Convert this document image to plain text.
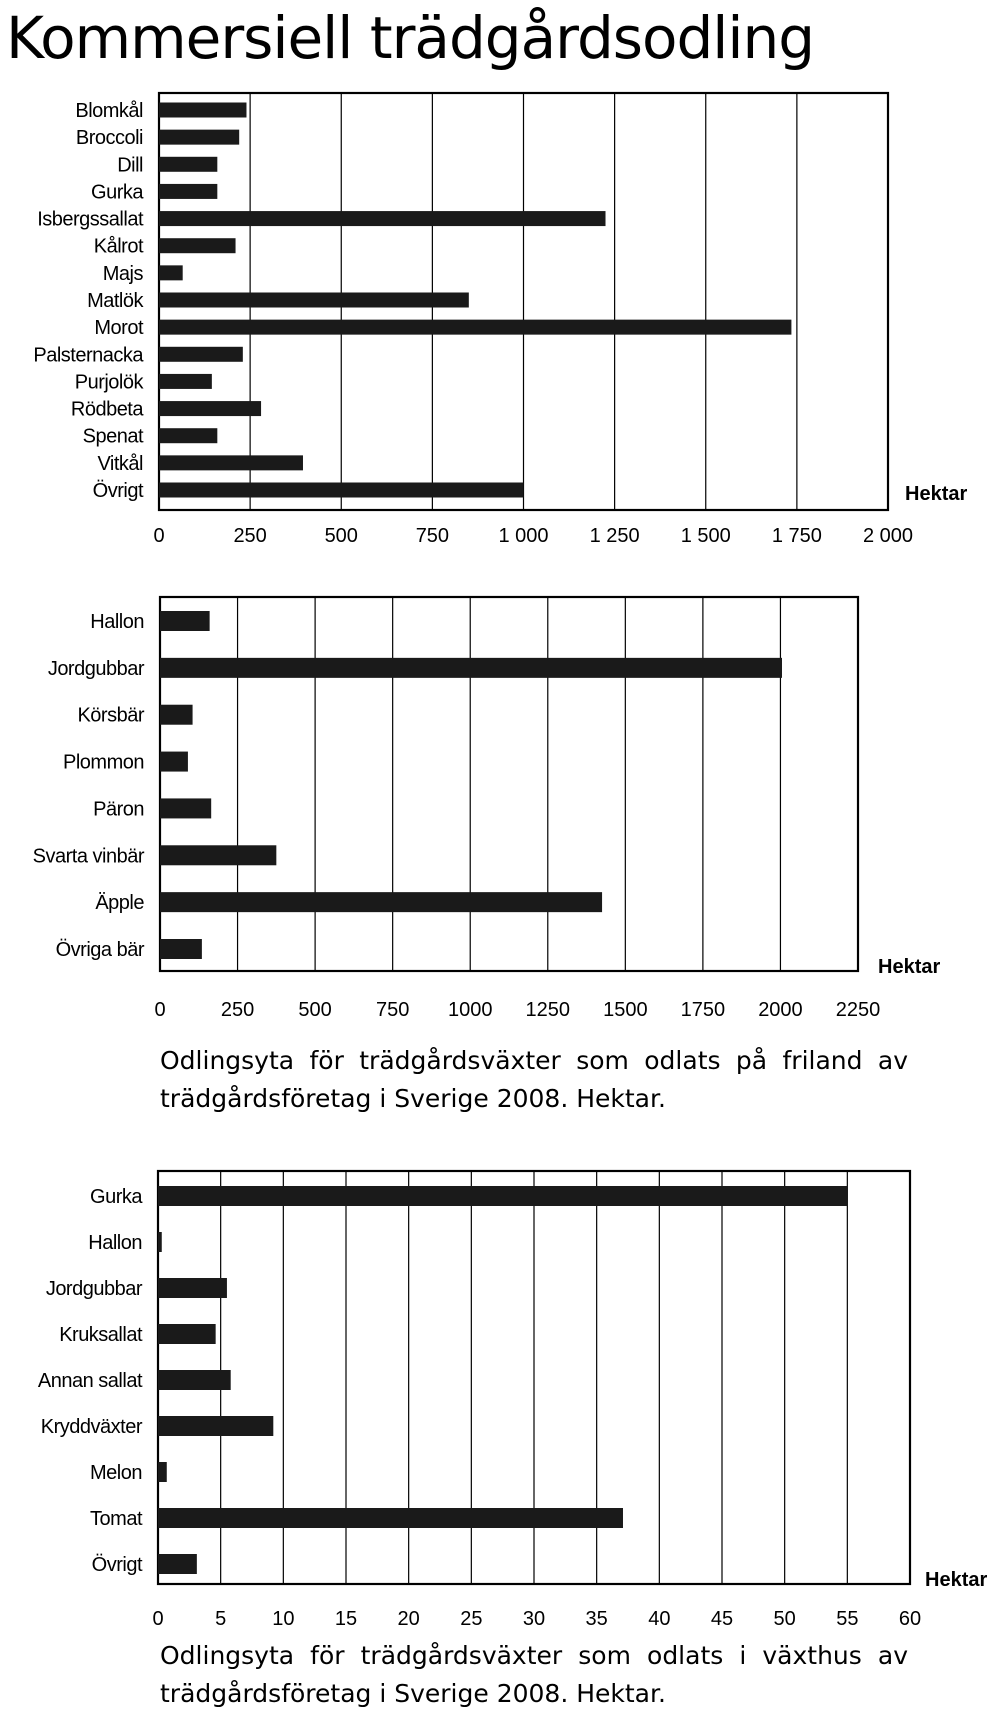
Kommersiell trädgårdsodling
0	250	500	750 1 000 1 250 1 500 1 750 2 000
Blomkål
Broccoli
Dill
Gurka
Isbergssallat
Kålrot
Majs
Matlök
Morot
Palsternacka
Purjolök
Rödbeta
Spenat
Vitkål
Övrigt	Hektar
0	250 500 750 1000 1250 1500 1750 2000 2250
Hallon
Jordgubbar
Körsbär
Plommon
Päron
Svarta vinbär
Äpple
Övriga bär
Hektar
Odlingsyta för trädgårdsväxter som odlats på friland av trädgårdsföretag i Sverige 2008. Hektar.
0	5 10 15 20 25 30 35 40 45 50 55 60
Gurka
Hallon
Jordgubbar
Kruksallat
Annan sallat
Kryddväxter
Melon
Tomat
Övrigt
Hektar
Odlingsyta för trädgårdsväxter som odlats i växthus av trädgårdsföretag i Sverige 2008. Hektar.
